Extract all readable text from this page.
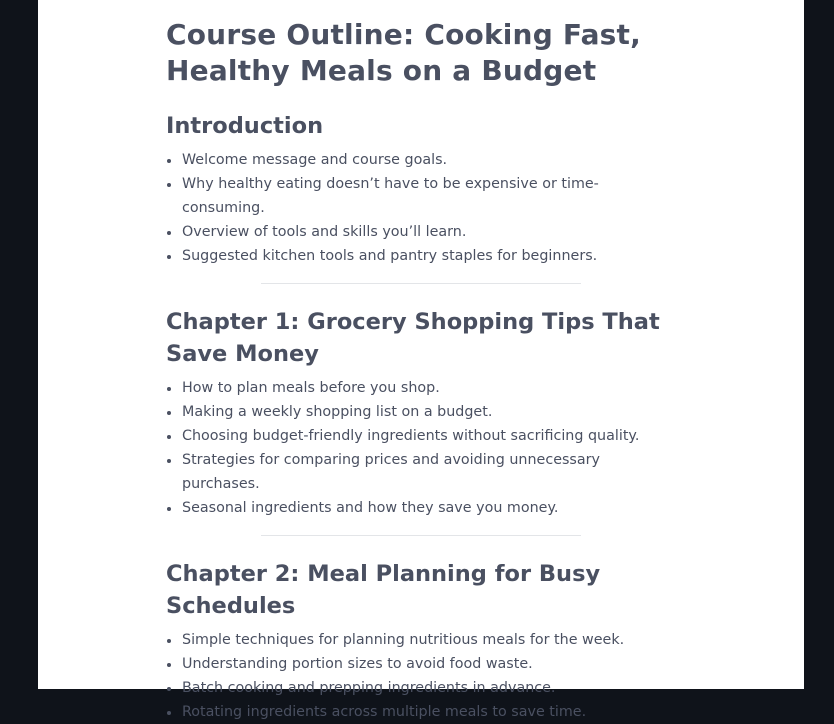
Course Outline: Cooking Fast, Healthy Meals on a Budget
Introduction
• Welcome message and course goals.
• Why healthy eating doesn’t have to be expensive or time-consuming.
• Overview of tools and skills you’ll learn.
• Suggested kitchen tools and pantry staples for beginners.
Chapter 1: Grocery Shopping Tips That Save Money
• How to plan meals before you shop.
• Making a weekly shopping list on a budget.
• Choosing budget-friendly ingredients without sacrificing quality.
• Strategies for comparing prices and avoiding unnecessary purchases.
• Seasonal ingredients and how they save you money.
Chapter 2: Meal Planning for Busy Schedules
• Simple techniques for planning nutritious meals for the week.
• Understanding portion sizes to avoid food waste.
• Batch cooking and prepping ingredients in advance.
• Rotating ingredients across multiple meals to save time.
